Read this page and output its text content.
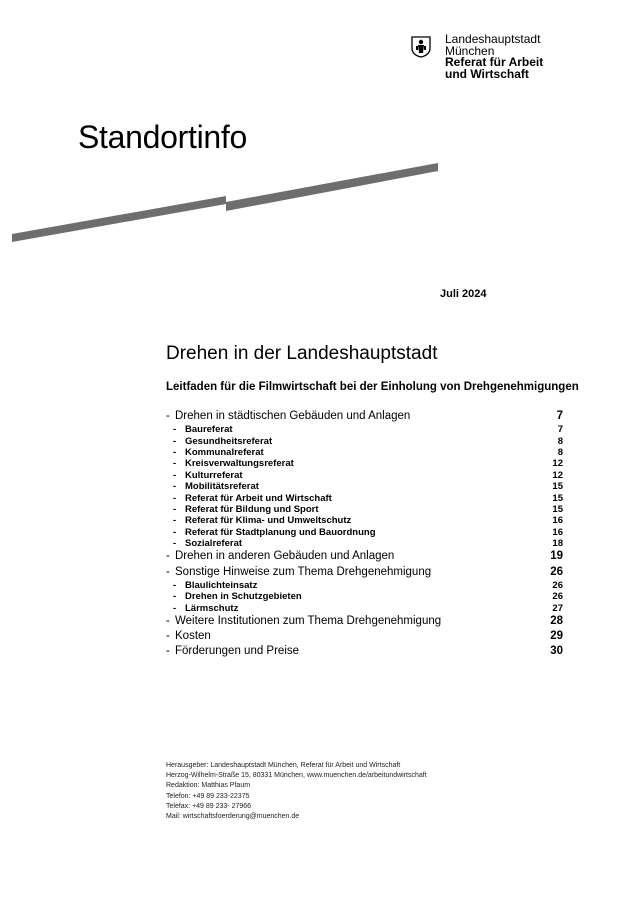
Landeshauptstadt
München
Referat für Arbeit
und Wirtschaft
Standortinfo
Juli 2024
Drehen in der Landeshauptstadt
Leitfaden für die Filmwirtschaft bei der Einholung von Drehgenehmigungen
- Drehen in städtischen Gebäuden und Anlagen	7
- Baureferat	7
- Gesundheitsreferat	8
- Kommunalreferat	8
- Kreisverwaltungsreferat	12
- Kulturreferat	12
- Mobilitätsreferat	15
- Referat für Arbeit und Wirtschaft	15
- Referat für Bildung und Sport	15
- Referat für Klima- und Umweltschutz	16
- Referat für Stadtplanung und Bauordnung	16
- Sozialreferat	18
- Drehen in anderen Gebäuden und Anlagen	19
- Sonstige Hinweise zum Thema Drehgenehmigung	26
- Blaulichteinsatz	26
- Drehen in Schutzgebieten	26
- Lärmschutz	27
- Weitere Institutionen zum Thema Drehgenehmigung	28
- Kosten	29
- Förderungen und Preise	30
Herausgeber: Landeshauptstadt München, Referat für Arbeit und Wirtschaft
Herzog-Wilhelm-Straße 15, 80331 München, www.muenchen.de/arbeitundwirtschaft
Redaktion: Matthias Pfaum
Telefon: +49 89 233-22375
Telefax: +49 89 233- 27966
Mail: wirtschaftsfoerderung@muenchen.de
